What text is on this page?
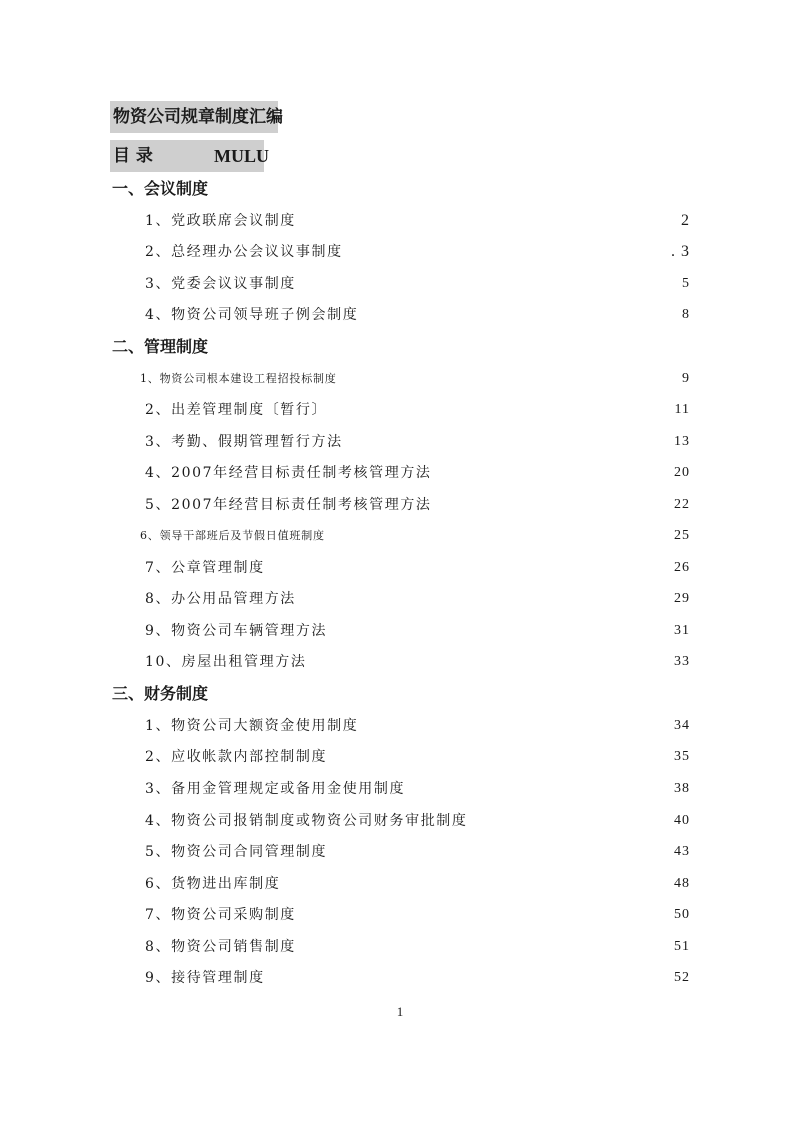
物资公司规章制度汇编
目 录	MULU
一、会议制度
1、党政联席会议制度	2
2、总经理办公会议议事制度	. 3
3、党委会议议事制度	5
4、物资公司领导班子例会制度	8
二、管理制度
1、物资公司根本建设工程招投标制度	9
2、出差管理制度〔暂行〕	11
3、考勤、假期管理暂行方法	13
4、2007年经营目标责任制考核管理方法	20
5、2007年经营目标责任制考核管理方法	22
6、领导干部班后及节假日值班制度	25
7、公章管理制度	26
8、办公用品管理方法	29
9、物资公司车辆管理方法	31
10、房屋出租管理方法	33
三、财务制度
1、物资公司大额资金使用制度	34
2、应收帐款内部控制制度	35
3、备用金管理规定或备用金使用制度	38
4、物资公司报销制度或物资公司财务审批制度	40
5、物资公司合同管理制度	43
6、货物进出库制度	48
7、物资公司采购制度	50
8、物资公司销售制度	51
9、接待管理制度	52
1
